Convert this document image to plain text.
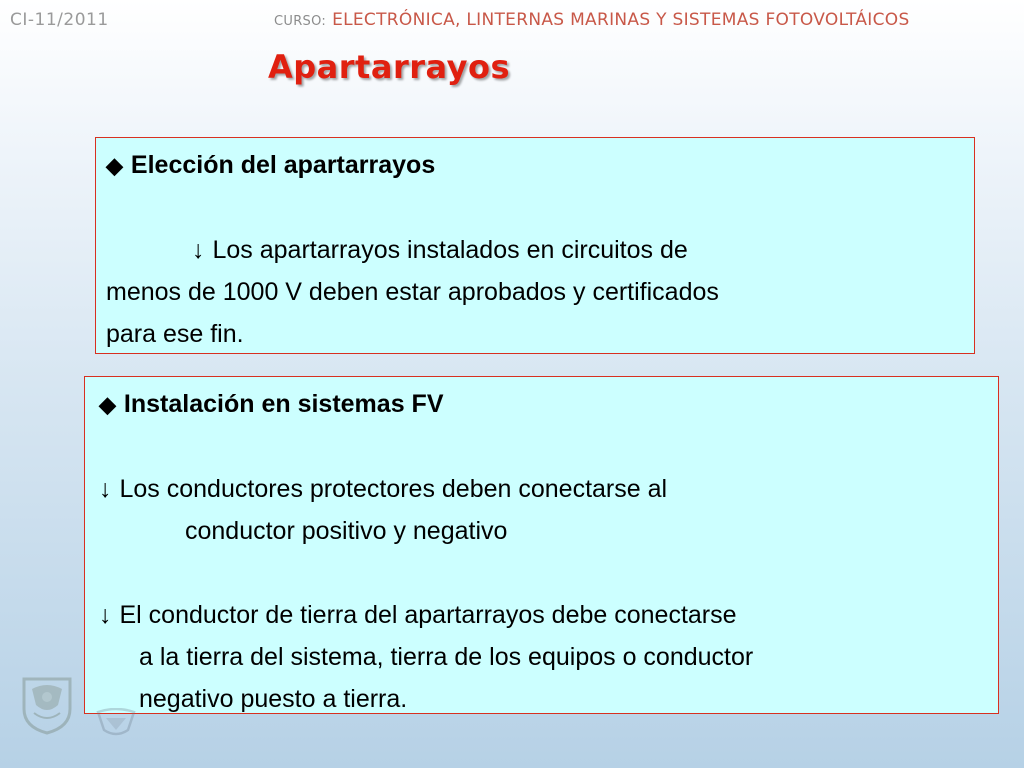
CI-11/2011	CURSO: ELECTRÓNICA, LINTERNAS MARINAS Y SISTEMAS FOTOVOLTÁICOS
Apartarrayos
◆ Elección del apartarrayos
↓ Los apartarrayos instalados en circuitos de
menos de 1000 V deben estar aprobados y certificados
para ese fin.
◆ Instalación en sistemas FV
↓ Los conductores protectores deben conectarse al
conductor positivo y negativo
↓ El conductor de tierra del apartarrayos debe conectarse
a la tierra del sistema, tierra de los equipos o conductor
negativo puesto a tierra.
